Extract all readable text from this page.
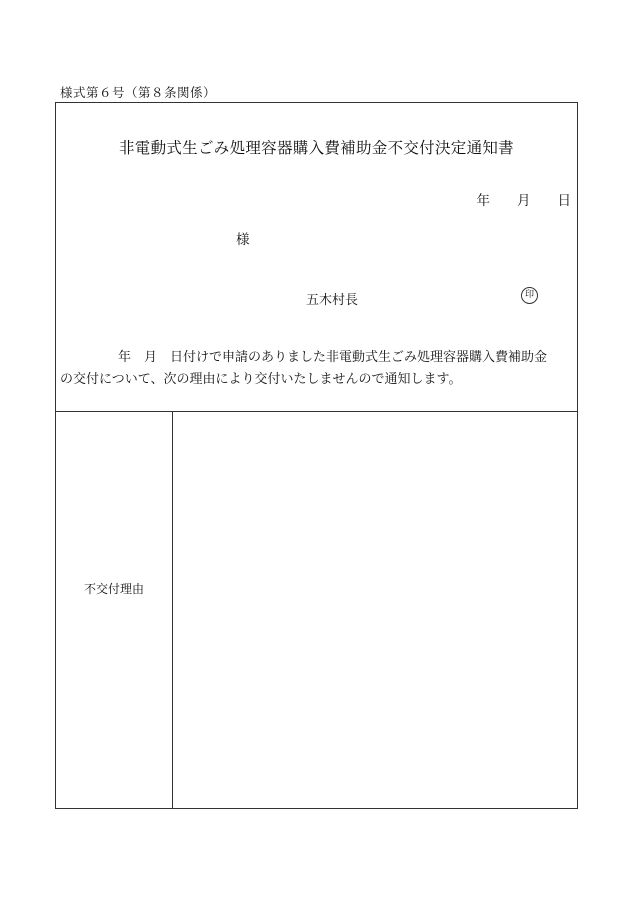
様式第６号（第８条関係）
非電動式生ごみ処理容器購入費補助金不交付決定通知書
年　　月　　日
様
五木村長	印
年　月　日付けで申請のありました非電動式生ごみ処理容器購入費補助金
の交付について、次の理由により交付いたしませんので通知します。
不交付理由
